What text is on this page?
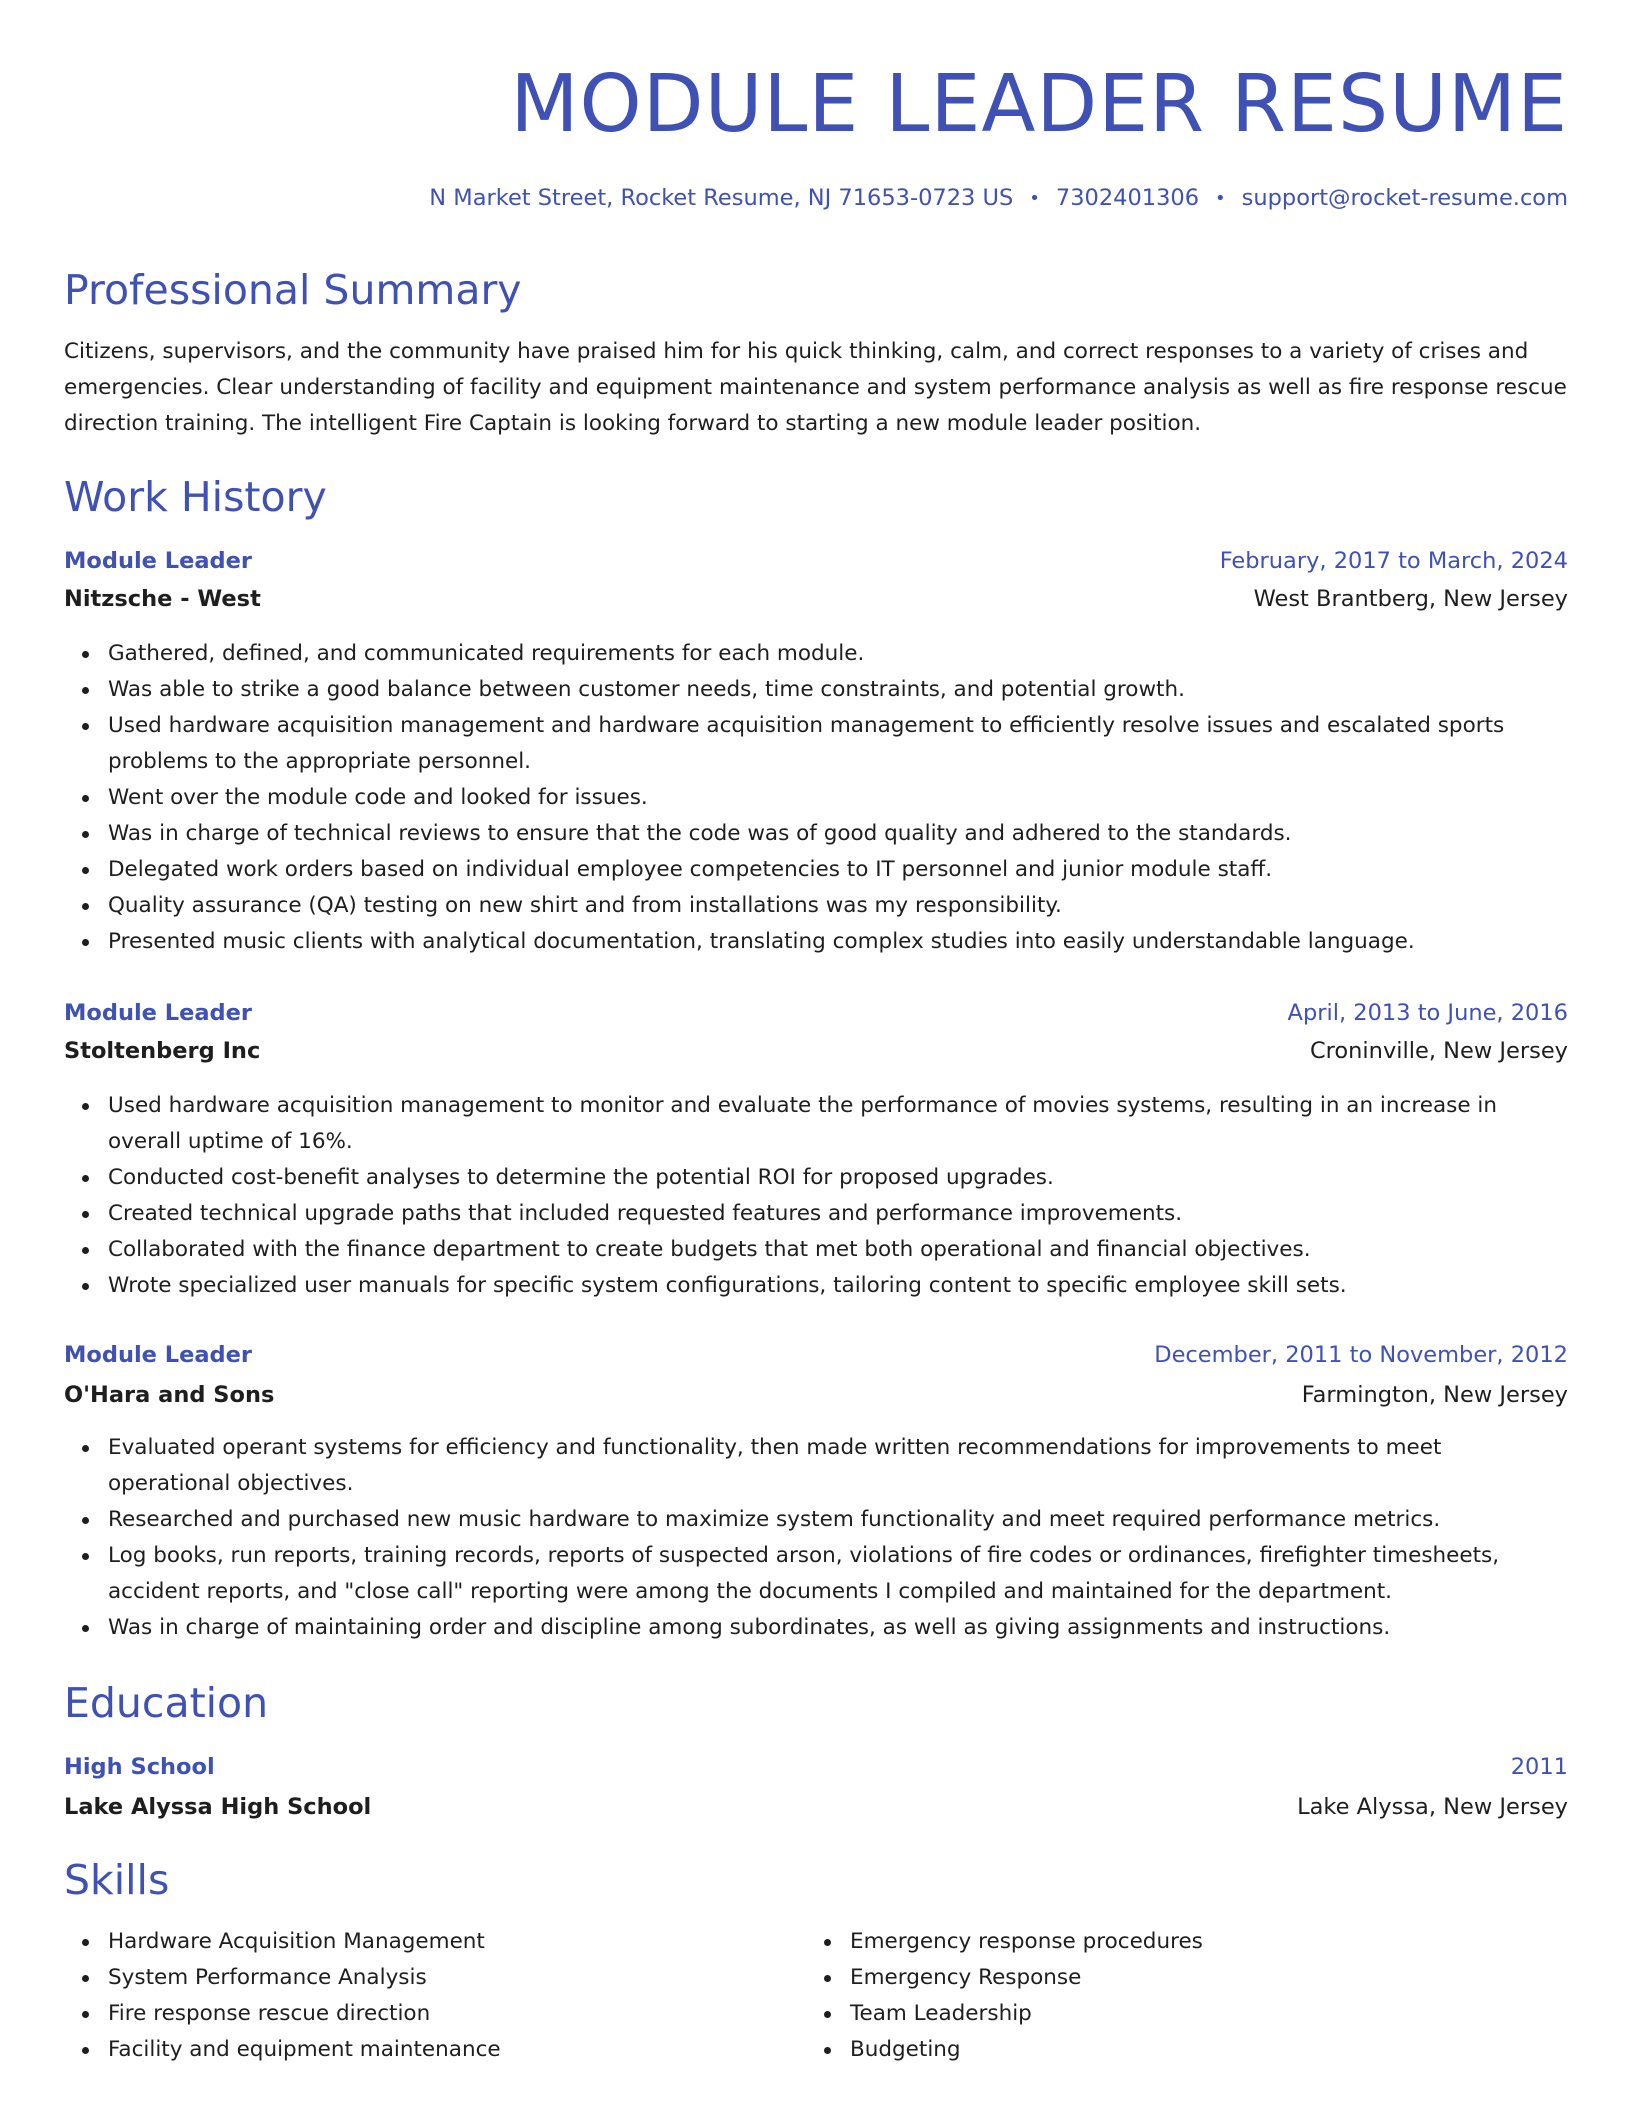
MODULE LEADER RESUME
N Market Street, Rocket Resume, NJ 71653-0723 US • 7302401306 • support@rocket-resume.com
Professional Summary

Citizens, supervisors, and the community have praised him for his quick thinking, calm, and correct responses to a variety of crises and emergencies. Clear understanding of facility and equipment maintenance and system performance analysis as well as fire response rescue direction training. The intelligent Fire Captain is looking forward to starting a new module leader position.

Work History
Module Leader	February, 2017 to March, 2024
Nitzsche - West	West Brantberg, New Jersey
Gathered, defined, and communicated requirements for each module.
Was able to strike a good balance between customer needs, time constraints, and potential growth.
Used hardware acquisition management and hardware acquisition management to efficiently resolve issues and escalated sports problems to the appropriate personnel.
Went over the module code and looked for issues.
Was in charge of technical reviews to ensure that the code was of good quality and adhered to the standards.
Delegated work orders based on individual employee competencies to IT personnel and junior module staff.
Quality assurance (QA) testing on new shirt and from installations was my responsibility.
Presented music clients with analytical documentation, translating complex studies into easily understandable language.
Module Leader	April, 2013 to June, 2016
Stoltenberg Inc	Croninville, New Jersey
Used hardware acquisition management to monitor and evaluate the performance of movies systems, resulting in an increase in overall uptime of 16%.
Conducted cost-benefit analyses to determine the potential ROI for proposed upgrades.
Created technical upgrade paths that included requested features and performance improvements.
Collaborated with the finance department to create budgets that met both operational and financial objectives.
Wrote specialized user manuals for specific system configurations, tailoring content to specific employee skill sets.
Module Leader	December, 2011 to November, 2012
O'Hara and Sons	Farmington, New Jersey
Evaluated operant systems for efficiency and functionality, then made written recommendations for improvements to meet operational objectives.
Researched and purchased new music hardware to maximize system functionality and meet required performance metrics.
Log books, run reports, training records, reports of suspected arson, violations of fire codes or ordinances, firefighter timesheets, accident reports, and "close call" reporting were among the documents I compiled and maintained for the department.
Was in charge of maintaining order and discipline among subordinates, as well as giving assignments and instructions.
Education
High School	2011
Lake Alyssa High School	Lake Alyssa, New Jersey
Skills
Hardware Acquisition Management
System Performance Analysis
Fire response rescue direction
Facility and equipment maintenance
Emergency response procedures
Emergency Response
Team Leadership
Budgeting
